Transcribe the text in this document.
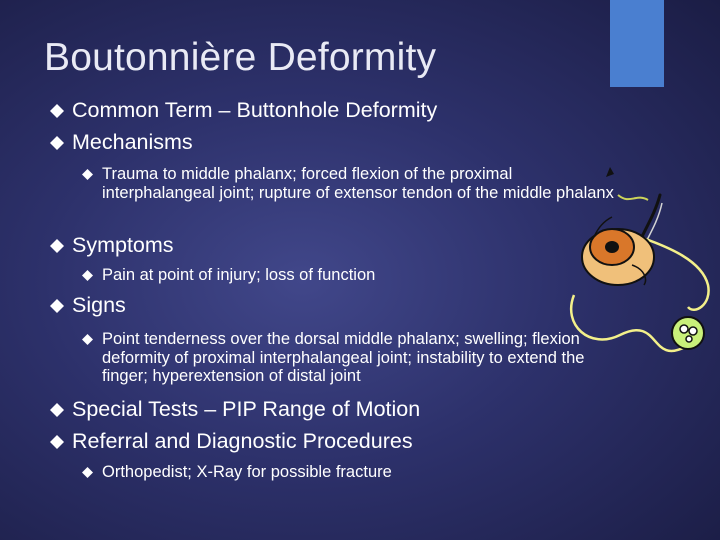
Boutonnière Deformity
Common Term – Buttonhole Deformity
Mechanisms
Trauma to middle phalanx; forced flexion of the proximal interphalangeal joint; rupture of extensor tendon of the middle phalanx
Symptoms
Pain at point of injury; loss of function
Signs
Point tenderness over the dorsal middle phalanx; swelling; flexion deformity of proximal interphalangeal joint; instability to extend the finger; hyperextension of distal joint
Special Tests – PIP Range of Motion
Referral and Diagnostic Procedures
Orthopedist; X-Ray for possible fracture
